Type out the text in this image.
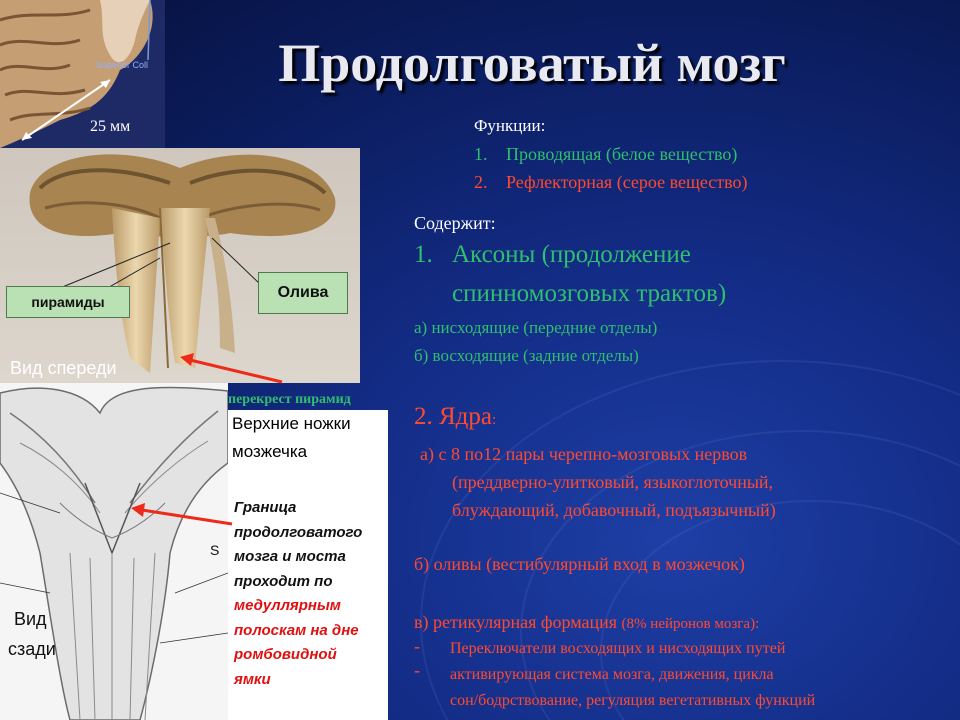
Superior Coll
25 мм
пирамиды
Олива
Вид спереди
S
Вид
сзади
перекрест пирамид
Верхние ножки
мозжечка
Граница
продолговатого
мозга и моста
проходит по
медуллярным
полоскам на дне
ромбовидной
ямки
Продолговатый мозг
Функции:
1. Проводящая (белое вещество)
2. Рефлекторная (серое вещество)
Содержит:
1. Аксоны (продолжение
спинномозговых трактов)
а) нисходящие (передние отделы)
б) восходящие (задние отделы)
2. Ядра:
а) с 8 по12 пары черепно-мозговых нервов
(преддверно-улитковый, языкоглоточный,
блуждающий, добавочный, подъязычный)
б) оливы (вестибулярный вход в мозжечок)
в) ретикулярная формация (8% нейронов мозга):
- Переключатели восходящих и нисходящих путей
- активирующая система мозга, движения, цикла
сон/бодрствование, регуляция вегетативных функций
